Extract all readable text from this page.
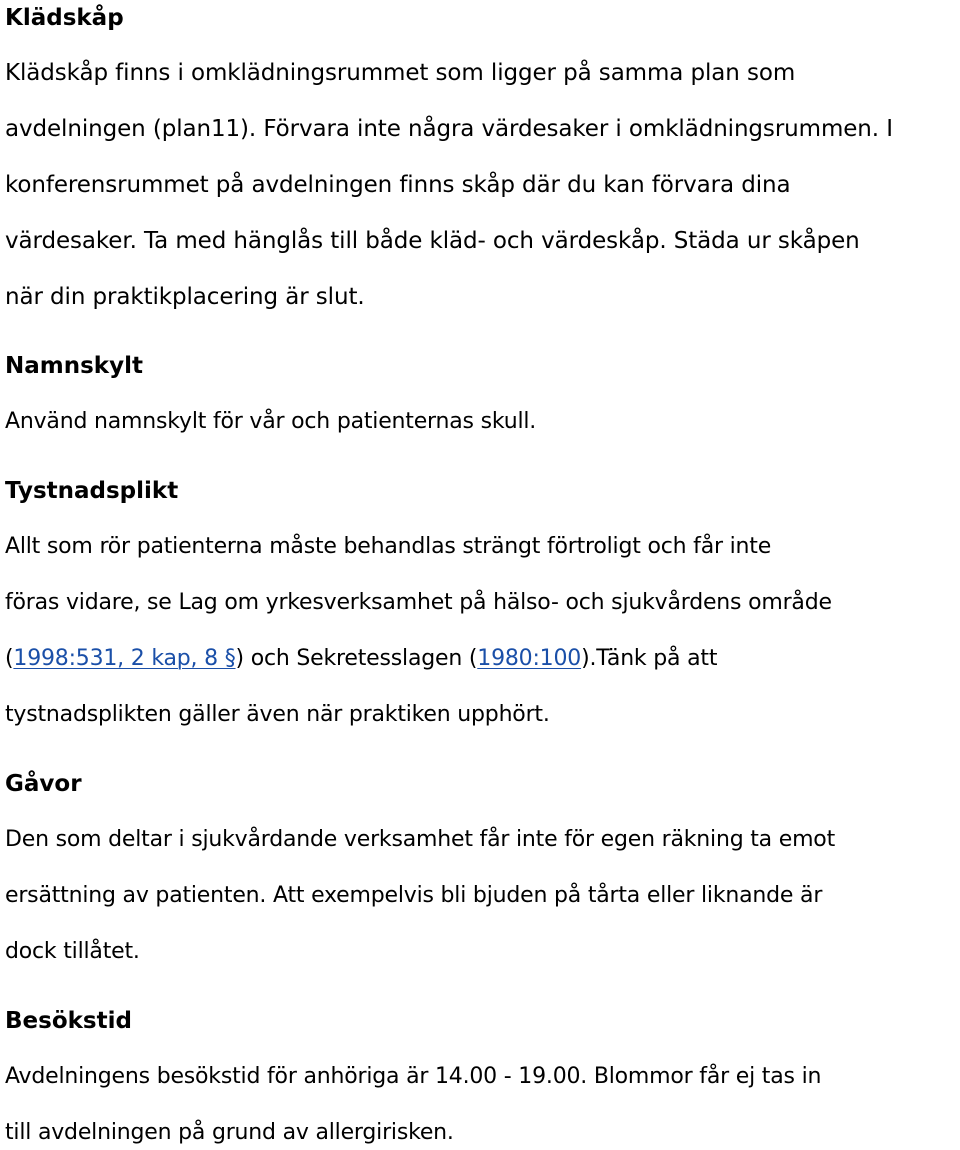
Klädskåp
Klädskåp finns i omklädningsrummet som ligger på samma plan som
avdelningen (plan11). Förvara inte några värdesaker i omklädningsrummen. I
konferensrummet på avdelningen finns skåp där du kan förvara dina
värdesaker. Ta med hänglås till både kläd- och värdeskåp. Städa ur skåpen
när din praktikplacering är slut.
Namnskylt
Använd namnskylt för vår och patienternas skull.
Tystnadsplikt
Allt som rör patienterna måste behandlas strängt förtroligt och får inte
föras vidare, se Lag om yrkesverksamhet på hälso- och sjukvårdens område
(1998:531, 2 kap, 8 §) och Sekretesslagen (1980:100).Tänk på att
tystnadsplikten gäller även när praktiken upphört.
Gåvor
Den som deltar i sjukvårdande verksamhet får inte för egen räkning ta emot
ersättning av patienten. Att exempelvis bli bjuden på tårta eller liknande är
dock tillåtet.
Besökstid
Avdelningens besökstid för anhöriga är 14.00 - 19.00. Blommor får ej tas in
till avdelningen på grund av allergirisken.
